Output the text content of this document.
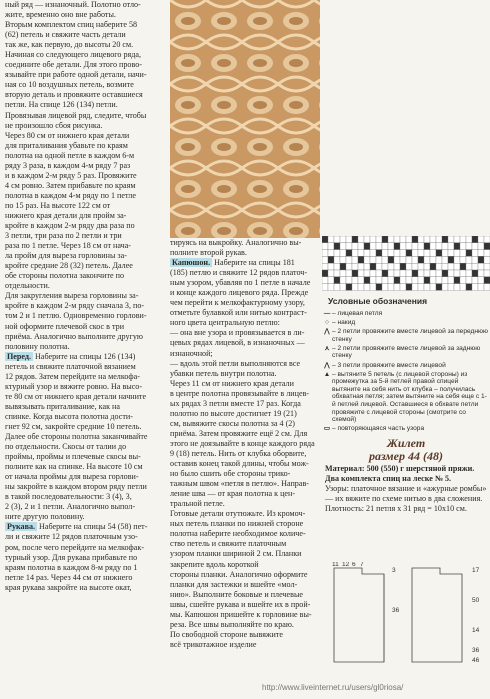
ный ряд — изнаночный. Полотно отло-

жите, временно оно вне работы.

Вторым комплектом спиц наберите 58

(62) петель и свяжите часть детали

так же, как первую, до высоты 20 см.

Начиная со следующего лицевого ряда,

соедините обе детали. Для этого прово-

язывайте при работе одной детали, начи-

ная со 10 воздушных петель, возмите

вторую деталь и провяжите оставшиеся

петли. На спице 126 (134) петли.

Провязывая лицевой ряд, следите, чтобы

не произошло сбоя рисунка.

Через 80 см от нижнего края детали

для приталивания убавьте по краям

полотна на одной петле в каждом 6-м

ряду 3 раза, в каждом 4-м ряду 7 раз

и в каждом 2-м ряду 5 раз. Провяжите

4 см ровно. Затем прибавьте по краям

полотна в каждом 4-м ряду по 1 петле

по 15 раз. На высоте 122 см от

нижнего края детали для пройм за-

кройте в каждом 2-м ряду два раза по

3 петли, три раза по 2 петли и три

раза по 1 петле. Через 18 см от нача-

ла пройм для выреза горловины за-

кройте средние 28 (32) петель. Далее

обе стороны полотна закончите по

отдельности.

Для закругления выреза горловины за-

кройте в каждом 2-м ряду сначала 3, по-

том 2 и 1 петлю. Одновременно горлови-

ной оформите плечевой скос в три

приёма. Аналогично выполните другую

половину полотна.

Перед. Наберите на спицы 126 (134)

петель и свяжите платочной вязанием

12 рядов. Затем перейдите на мелкофа-

ктурный узор и вяжите ровно. На высо-

те 80 см от нижнего края детали начните

вывязывать приталивание, как на

спинке. Когда высота полотна дости-

гнет 92 см, закройте средние 10 петель.

Далее обе стороны полотна заканчивайте

по отдельности. Скосы от талии до

проймы, проймы и плечевые скосы вы-

полните как на спинке. На высоте 10 см

от начала проймы для выреза горлови-

ны закройте в каждом втором ряду петли

в такой последовательности: 3 (4), 3,

2 (3), 2 и 1 петли. Аналогично выпол-

ните другую половину.

Рукава. Наберите на спицы 54 (58) пет-

ли и свяжите 12 рядов платочным узо-

ром, после чего перейдите на мелкофак-

турный узор. Для рукава прибавьте по

краям полотна в каждом 8-м ряду по 1

петле 14 раз. Через 44 см от нижнего

края рукава закройте на высоте окат,

тируясь на выкройку. Аналогично вы-

полните второй рукав.

Капюшон. Наберите на спицы 181

(185) петлю и свяжите 12 рядов платоч-

ным узором, убавляя по 1 петле в начале

и конце каждого лицевого ряда. Прежде

чем перейти к мелкофактурному узору,

отметьте булавкой или нитью контраст-

ного цвета центральную петлю:

— она вне узора и провязывается в ли-

цевых рядах лицевой, в изнаночных —

изнаночной;

— вдоль этой петли выполняются все

убавки петель внутри полотна.

Через 11 см от нижнего края детали

в центре полотна провязывайте в лицев-

ых рядах 3 петли вместе 17 раз. Когда

полотно по высоте достигнет 19 (21)

см, вывяжите скосы полотна за 4 (2)

приёма. Затем провяжите ещё 2 см. Для

этого не доязывайте в конце каждого ряда

9 (18) петель. Нить от клубка оборвите,

оставив конец такой длины, чтобы мож-

но было сшить обе стороны трико-

тажным швом «петля в петлю». Направ-

ление шва — от края полотна к цен-

тральной петле.

Готовые детали отутюжьте. Из кромоч-

ных петель планки по нижней стороне

полотна наберите необходимое количе-

ство петель и свяжите платочным

узором планки шириной 2 см. Планки

закрепите вдоль короткой

стороны планки. Аналогично оформите

планки для застежки и вшейте «мол-

нию». Выполните боковые и плечевые

швы, сшейте рукава и вшейте их в прой-

мы. Капюшон пришейте к горловине вы-

реза. Все швы выполняйте по краю.

По свободной стороне вывяжите

всё трикотажное изделие

Условные обозначения
— – лицевая петля
○ – накид
⋀ – 2 петли провяжите вместе лицевой за переднюю стенку
⋏ – 2 петли провяжите вместе лицевой за заднюю стенку
⋀ – 3 петли провяжите вместе лицевой
▲ – вытяните 5 петель (с лицевой стороны) из промежутка за 5-й петлей правой спицей вытяните на себя нить от клубка – получилась обхватная петля; затем вытяните на себя еще с 1-й петлей лицевой. Оставшиеся в обхвате петли провяжите с лицевой стороны (смотрите со схемой)
▭ – повторяющаяся часть узора
Жилет
размер 44 (48)

Материал: 500 (550) г шерстяной пряжи.

Два комплекта спиц на леске № 5.

Узоры: платочное вязание и «ажурные ромбы» — их вяжите по схеме нитью в два сложения.

Плотность: 21 петля x 31 ряд = 10x10 см.

11 12 6 7
3
36
17
50
14
36
46
http://www.liveinternet.ru/users/gl0riosa/
